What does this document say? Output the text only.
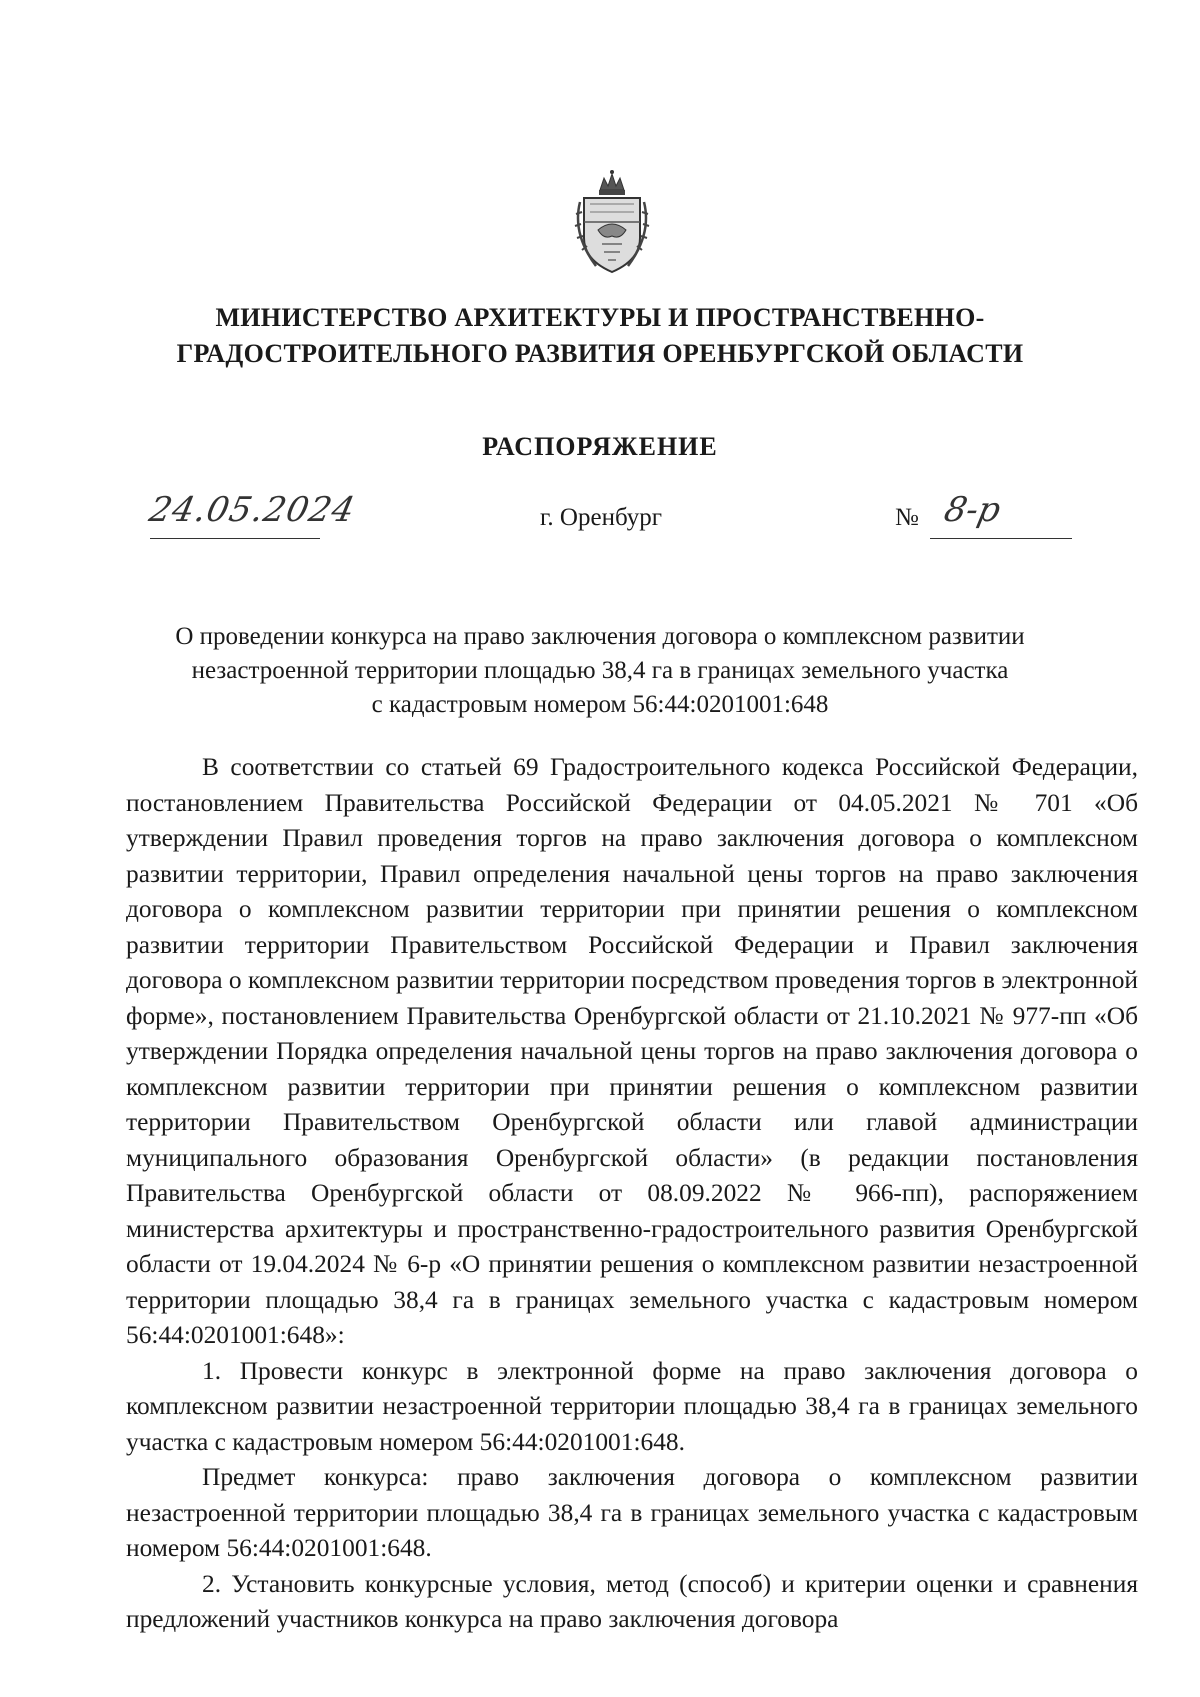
МИНИСТЕРСТВО АРХИТЕКТУРЫ И ПРОСТРАНСТВЕННО-
ГРАДОСТРОИТЕЛЬНОГО РАЗВИТИЯ ОРЕНБУРГСКОЙ ОБЛАСТИ
РАСПОРЯЖЕНИЕ
24.05.2024	г. Оренбург	№ 8-р
О проведении конкурса на право заключения договора о комплексном развитии
незастроенной территории площадью 38,4 га в границах земельного участка
с кадастровым номером 56:44:0201001:648

В соответствии со статьей 69 Градостроительного кодекса Российской Федерации, постановлением Правительства Российской Федерации от 04.05.2021 № 701 «Об утверждении Правил проведения торгов на право заключения договора о комплексном развитии территории, Правил определения начальной цены торгов на право заключения договора о комплексном развитии территории при принятии решения о комплексном развитии территории Правительством Российской Федерации и Правил заключения договора о комплексном развитии территории посредством проведения торгов в электронной форме», постановлением Правительства Оренбургской области от 21.10.2021 № 977-пп «Об утверждении Порядка определения начальной цены торгов на право заключения договора о комплексном развитии территории при принятии решения о комплексном развитии территории Правительством Оренбургской области или главой администрации муниципального образования Оренбургской области» (в редакции постановления Правительства Оренбургской области от 08.09.2022 № 966-пп), распоряжением министерства архитектуры и пространственно-градостроительного развития Оренбургской области от 19.04.2024 № 6-р «О принятии решения о комплексном развитии незастроенной территории площадью 38,4 га в границах земельного участка с кадастровым номером 56:44:0201001:648»:

1. Провести конкурс в электронной форме на право заключения договора о комплексном развитии незастроенной территории площадью 38,4 га в границах земельного участка с кадастровым номером 56:44:0201001:648.

Предмет конкурса: право заключения договора о комплексном развитии незастроенной территории площадью 38,4 га в границах земельного участка с кадастровым номером 56:44:0201001:648.

2. Установить конкурсные условия, метод (способ) и критерии оценки и сравнения предложений участников конкурса на право заключения договора
